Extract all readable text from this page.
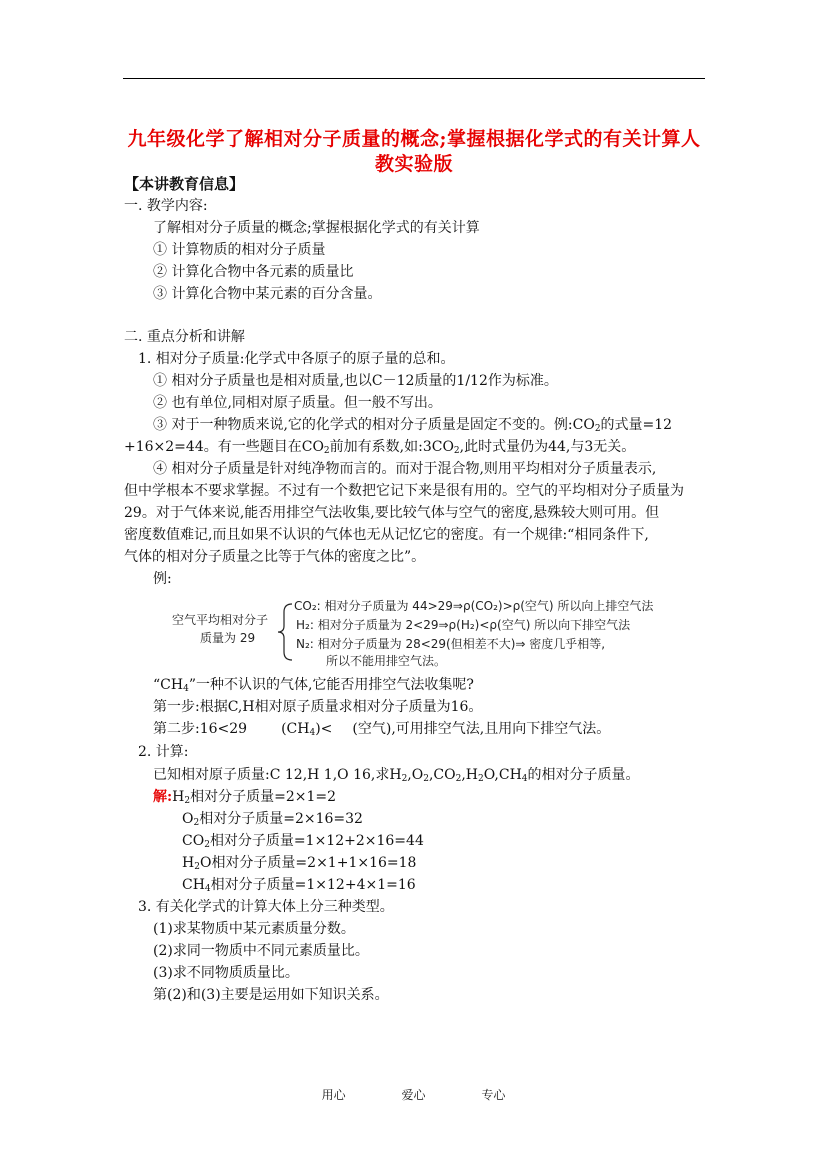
九年级化学了解相对分子质量的概念;掌握根据化学式的有关计算人
教实验版
【本讲教育信息】
一. 教学内容:
了解相对分子质量的概念;掌握根据化学式的有关计算
① 计算物质的相对分子质量
② 计算化合物中各元素的质量比
③ 计算化合物中某元素的百分含量。
二. 重点分析和讲解
1. 相对分子质量:化学式中各原子的原子量的总和。
① 相对分子质量也是相对质量,也以C－12质量的1/12作为标准。
② 也有单位,同相对原子质量。但一般不写出。
③ 对于一种物质来说,它的化学式的相对分子质量是固定不变的。例$:CO_2$的式量=12
+16×2=44。有一些题目在$CO_2$前加有系数,如$:3CO_2$,此时式量仍为44,与3无关。
④ 相对分子质量是针对纯净物而言的。而对于混合物,则用平均相对分子质量表示,
但中学根本不要求掌握。不过有一个数把它记下来是很有用的。空气的平均相对分子质量为
29。对于气体来说,能否用排空气法收集,要比较气体与空气的密度,悬殊较大则可用。但
密度数值难记,而且如果不认识的气体也无从记忆它的密度。有一个规律:“相同条件下,
气体的相对分子质量之比等于气体的密度之比”。
例:
空气平均相对分子
质量为 29
CO₂: 相对分子质量为 44>29⇒ρ(CO₂)>ρ(空气) 所以向上排空气法
H₂: 相对分子质量为 2<29⇒ρ(H₂)<ρ(空气) 所以向下排空气法
N₂: 相对分子质量为 28<29(但相差不大)⇒ 密度几乎相等,
所以不能用排空气法。
“$CH_4$”一种不认识的气体,它能否用排空气法收集呢?
第一步:根据C,H相对原子质量求相对分子质量为16。
第二步:16<29 $(CH_4)<$ (空气),可用排空气法,且用向下排空气法。
2. 计算:
已知相对原子质量:C 12,H 1,O 16,求$H_2,O_2,CO_2,H_2O,CH_4$的相对分子质量。
解$:H_2$相对分子质量=2×1=2
$O_2$相对分子质量=2×16=32
$CO_2$相对分子质量=1×12+2×16=44
$H_2O$相对分子质量=2×1+1×16=18
$CH_4$相对分子质量=1×12+4×1=16
3. 有关化学式的计算大体上分三种类型。
(1)求某物质中某元素质量分数。
(2)求同一物质中不同元素质量比。
(3)求不同物质质量比。
第(2)和(3)主要是运用如下知识关系。
用心	爱心	专心
